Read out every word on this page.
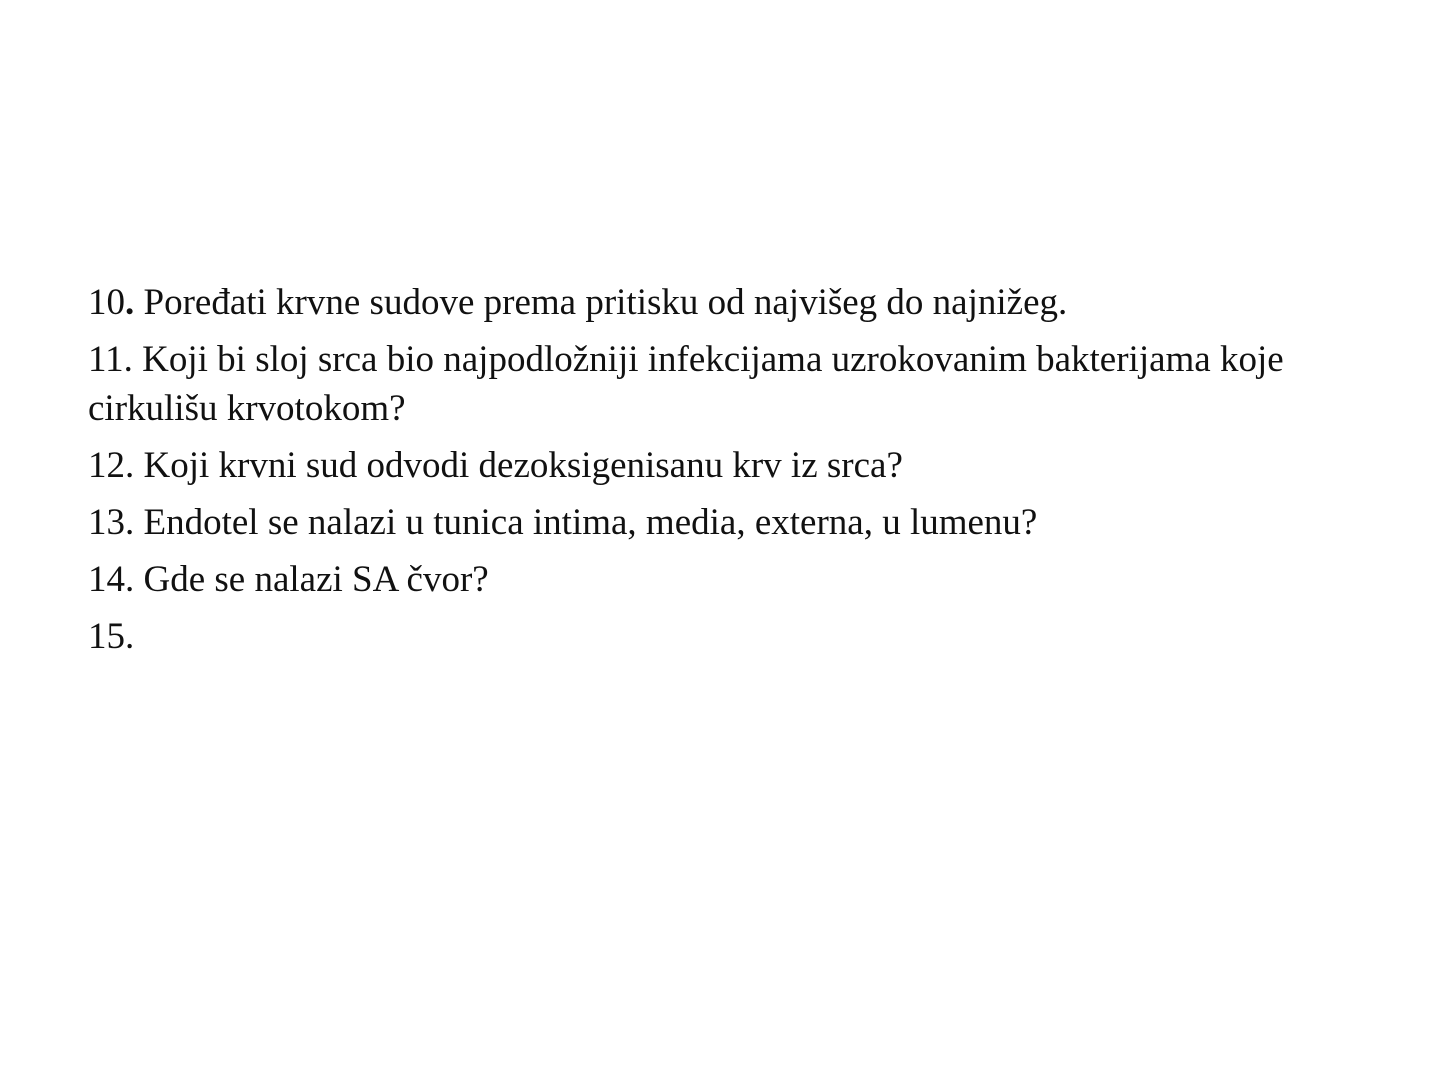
10. Poređati krvne sudove prema pritisku od najvišeg do najnižeg.
11. Koji bi sloj srca bio najpodložniji infekcijama uzrokovanim bakterijama koje cirkulišu krvotokom?
12. Koji krvni sud odvodi dezoksigenisanu krv iz srca?
13. Endotel se nalazi u tunica intima, media, externa, u lumenu?
14. Gde se nalazi SA čvor?
15.
